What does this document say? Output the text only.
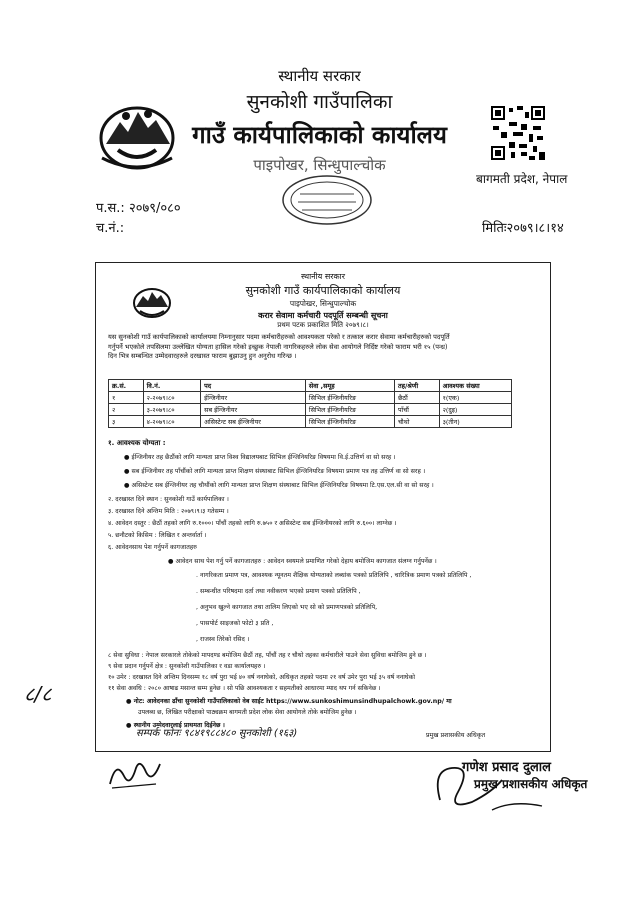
स्थानीय सरकार
सुनकोशी गाउँपालिका
गाउँ कार्यपालिकाको कार्यालय
पाइपोखर, सिन्धुपाल्चोक
बागमती प्रदेश, नेपाल
प.स.: २०७९/०८०
च.नं.:	मितिः२०७९।८।१४
स्थानीय सरकार
सुनकोशी गाउँ कार्यपालिकाको कार्यालय
पाइपोखर, सिन्धुपाल्चोक
करार सेवामा कर्मचारी पदपूर्ति सम्बन्धी सूचना
प्रथम पटक प्रकाशित मिति २०७९।८।
यस सुनकोशी गाउँ कार्यपालिकाको कार्यालयमा निम्नानुसार पदमा कर्मचारीहरुको आवश्यकता परेको र तत्काल करार सेवामा कर्मचारीहरुको पदपूर्ति
गर्नुपर्ने भएकोले तपसिलमा उल्लेखित योग्यता हासिल गरेको इच्छुक नेपाली नागरिकहरुले लोक सेवा आयोगले निर्दिष्ट गरेको फाराम भरी १५ (पन्ध्र)
दिन भित्र सम्बन्धित उम्मेदवारहरुले दरखास्त फाराम बुझाउनु हुन अनुरोध गरिन्छ ।
क्र.सं.	वि.नं.	पद	सेवा ,समूह	तह/श्रेणी	आवश्यक संख्या
१	२-२०७९।८०	ईन्जिनीयर	सिभिल ईन्जिनीयरिङ	छैठौं	१(एक)
२	३-२०७९।८०	सब ईन्जिनीयर	सिभिल ईन्जिनीयरिङ	पाँचौं	२(दुइ)
३	४-२०७९।८०	असिस्टेन्ट सब ईन्जिनीयर	सिभिल ईन्जिनीयरिङ	चौथो	३(तीन)
१. आवश्यक योग्यता :
● ईन्जिनीयर तह छैठौंको लागि मान्यता प्राप्त विश्व विद्यालयबाट सिभिल ईन्जिनियरिङ विषयमा वि.ई.उत्तिर्ण वा सो सरह ।
● सब ईन्जिनीयर तह पाँचौंको लागि मान्यता प्राप्त शिक्षण संस्थाबाट सिभिल ईन्जिनियरिङ विषयमा प्रमाण पत्र तह उत्तिर्ण वा सो सरह ।
● असिस्टेन्ट सब ईन्जिनीयर तह चौथौंको लागि मान्यता प्राप्त शिक्षण संस्थाबाट सिभिल ईन्जिनियरिङ विषयमा टि.एस.एल.सी वा सो सरह ।
२. दरखास्त दिने स्थान : सुनकोशी गाउँ कार्यपालिका ।
३. दरखास्त दिने अन्तिम मिति : २०७९।९।३ गतेसम्म ।
४. आवेदन दस्तुर : छैठौं तहको लागि रु.१०००। पाँचौं तहको लागि रु.७५० र असिस्टेन्ट सब ईन्जिनीयरको लागि रु.६००। लाग्नेछ ।
५. छनौटको किसिम : लिखित र अन्तर्वार्ता ।
६. आवेदनसाथ पेश गर्नुपर्ने कागजातहरु
● आवेदन साथ पेश गर्नु पर्ने कागजातहरु : आवेदन स्वयमले प्रमाणित गरेको देहाय बमोजिम कागजात संलग्न गर्नुपर्नेछ ।
. नागरिकता प्रमाण पत्र, आवश्यक न्यूनतम शैक्षिक योग्यताको लब्धांक पत्रको प्रतिलिपि , चारित्रिक प्रमाण पत्रको प्रतिलिपि ,
. सम्बन्धीत परिषदमा दर्ता तथा नवीकरण भएको प्रमाण पत्रको प्रतिलिपि ,
, अनुभव खुल्ने कागजात तथा तालिम लिएको भए सो को प्रमाणपत्रको प्रतिलिपि,
, पासपोर्ट साइजको फोटो ३ प्रति ,
, राजस्व तिरेको रसिद ।
८ सेवा सुविधा : नेपाल सरकारले तोकेको मापदण्ड बमोजिम छैठौं तह, पाँचौं तह र चौथो तहका कर्मचारीले पाउने सेवा सुविधा बमोजिम हुने छ ।
९ सेवा प्रदान गर्नुपर्ने क्षेत्र : सुनकोशी गाउँपालिका र वडा कार्यालयहरु ।
१० उमेर : दरखास्त दिने अन्तिम दिनसम्म १८ वर्ष पुरा भई ४० वर्ष ननाघेको, अधिकृत तहको पदमा २१ वर्ष उमेर पुरा भई ३५ वर्ष ननाघेको
११ सेवा अवधि : २०८० आषाढ मसान्त सम्म हुनेछ । सो पछि आवश्यकता र सहमतीको आधारमा म्याद थप गर्न सकिनेछ ।
● नोट: आवेदनका ढाँचा सुनकोशी गाउँपालिकाको वेब साईट https://www.sunkoshimunsindhupalchowk.gov.np/ मा
उपलब्ध छ, लिखित परीक्षाको पाठ्यक्रम बागमती प्रदेश लोक सेवा आयोगले तोके बमोजिम हुनेछ ।
● स्थानीय उम्मेदवारलाई प्राथमता दिईनेछ ।
सम्पर्क फोनः ९८४१९८८४८० सुनकोशी (१६३)	प्रमुख प्रशासकीय अधिकृत
८/८
गणेश प्रसाद दुलाल
प्रमुख प्रशासकीय अधिकृत
